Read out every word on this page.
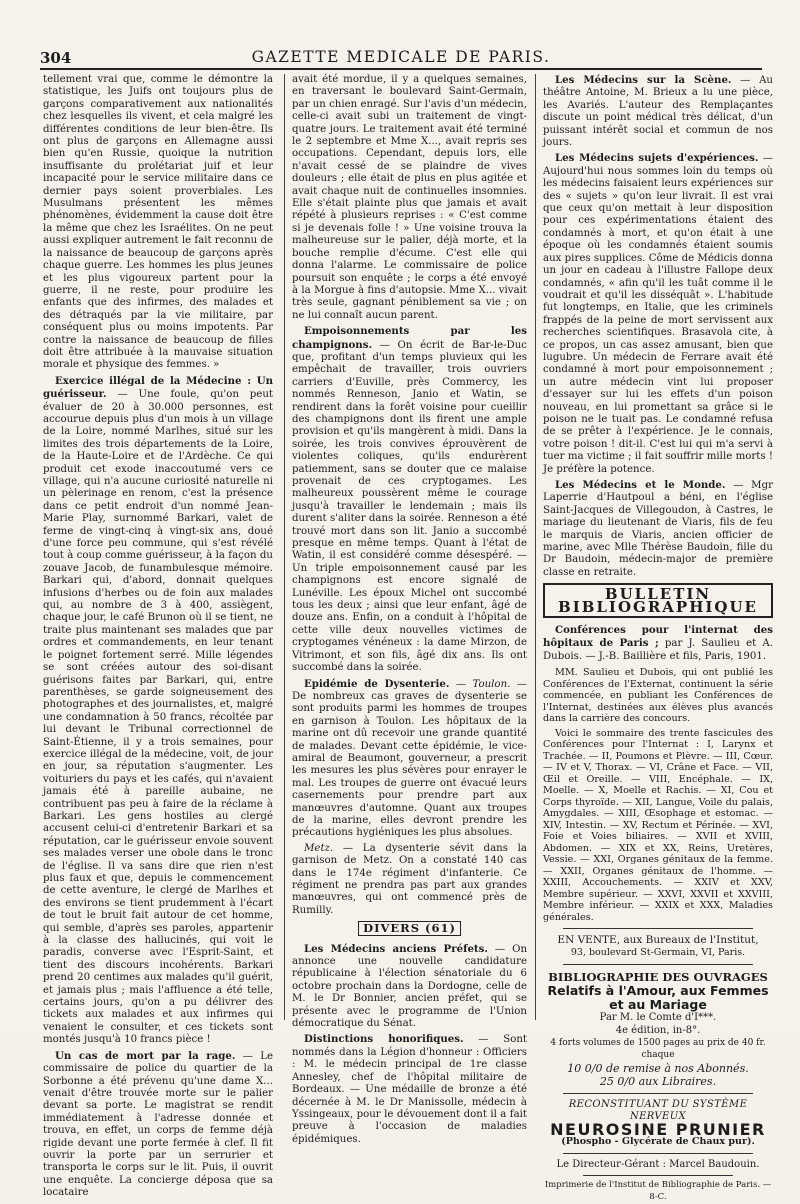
304	GAZETTE MEDICALE DE PARIS.

tellement vrai que, comme le démontre la statistique, les Juifs ont toujours plus de garçons comparativement aux nationalités chez lesquelles ils vivent, et cela malgré les différentes conditions de leur bien-être. Ils ont plus de garçons en Allemagne aussi bien qu'en Russie, quoique la nutrition insuffisante du prolétariat juif et leur incapacité pour le service militaire dans ce dernier pays soient proverbiales. Les Musulmans présentent les mêmes phénomènes, évidemment la cause doit être la même que chez les Israélites. On ne peut aussi expliquer autrement le fait reconnu de la naissance de beaucoup de garçons après chaque guerre. Les hommes les plus jeunes et les plus vigoureux partent pour la guerre, il ne reste, pour produire les enfants que des infirmes, des malades et des détraqués par la vie militaire, par conséquent plus ou moins impotents. Par contre la naissance de beaucoup de filles doit être attribuée à la mauvaise situation morale et physique des femmes. »

Exercice illégal de la Médecine : Un guérisseur. — Une foule, qu'on peut évaluer de 20 à 30.000 personnes, est accourue depuis plus d'un mois à un village de la Loire, nommé Marlhes, situé sur les limites des trois départements de la Loire, de la Haute-Loire et de l'Ardèche. Ce qui produit cet exode inaccoutumé vers ce village, qui n'a aucune curiosité naturelle ni un pèlerinage en renom, c'est la présence dans ce petit endroit d'un nommé Jean-Marie Play, surnommé Barkari, valet de ferme de vingt-cinq à vingt-six ans, doué d'une force peu commune, qui s'est révélé tout à coup comme guérisseur, à la façon du zouave Jacob, de funambulesque mémoire. Barkari qui, d'abord, donnait quelques infusions d'herbes ou de foin aux malades qui, au nombre de 3 à 400, assiègent, chaque jour, le café Brunon où il se tient, ne traite plus maintenant ses malades que par ordres et commandements, en leur tenant le poignet fortement serré. Mille légendes se sont créées autour des soi-disant guérisons faites par Barkari, qui, entre parenthèses, se garde soigneusement des photographes et des journalistes, et, malgré une condamnation à 50 francs, récoltée par lui devant le Tribunal correctionnel de Saint-Étienne, il y a trois semaines, pour exercice illégal de la médecine, voit, de jour en jour, sa réputation s'augmenter. Les voituriers du pays et les cafés, qui n'avaient jamais été à pareille aubaine, ne contribuent pas peu à faire de la réclame à Barkari. Les gens hostiles au clergé accusent celui-ci d'entretenir Barkari et sa réputation, car le guérisseur envoie souvent ses malades verser une obole dans le tronc de l'église. Il va sans dire que rien n'est plus faux et que, depuis le commencement de cette aventure, le clergé de Marlhes et des environs se tient prudemment à l'écart de tout le bruit fait autour de cet homme, qui semble, d'après ses paroles, appartenir à la classe des hallucinés, qui voit le paradis, converse avec l'Esprit-Saint, et tient des discours incohérents. Barkari prend 20 centimes aux malades qu'il guérit, et jamais plus ; mais l'affluence a été telle, certains jours, qu'on a pu délivrer des tickets aux malades et aux infirmes qui venaient le consulter, et ces tickets sont montés jusqu'à 10 francs pièce !

Un cas de mort par la rage. — Le commissaire de police du quartier de la Sorbonne a été prévenu qu'une dame X... venait d'être trouvée morte sur le palier devant sa porte. Le magistrat se rendit immédiatement à l'adresse donnée et trouva, en effet, un corps de femme déjà rigide devant une porte fermée à clef. Il fit ouvrir la porte par un serrurier et transporta le corps sur le lit. Puis, il ouvrit une enquête. La concierge déposa que sa locataire

avait été mordue, il y a quelques semaines, en traversant le boulevard Saint-Germain, par un chien enragé. Sur l'avis d'un médecin, celle-ci avait subi un traitement de vingt-quatre jours. Le traitement avait été terminé le 2 septembre et Mme X..., avait repris ses occupations. Cependant, depuis lors, elle n'avait cessé de se plaindre de vives douleurs ; elle était de plus en plus agitée et avait chaque nuit de continuelles insomnies. Elle s'était plainte plus que jamais et avait répété à plusieurs reprises : « C'est comme si je devenais folle ! » Une voisine trouva la malheureuse sur le palier, déjà morte, et la bouche remplie d'écume. C'est elle qui donna l'alarme. Le commissaire de police poursuit son enquête ; le corps a été envoyé à la Morgue à fins d'autopsie. Mme X... vivait très seule, gagnant péniblement sa vie ; on ne lui connaît aucun parent.

Empoisonnements par les champignons. — On écrit de Bar-le-Duc que, profitant d'un temps pluvieux qui les empêchait de travailler, trois ouvriers carriers d'Euville, près Commercy, les nommés Renneson, Janio et Watin, se rendirent dans la forêt voisine pour cueillir des champignons dont ils firent une ample provision et qu'ils mangèrent à midi. Dans la soirée, les trois convives éprouvèrent de violentes coliques, qu'ils endurèrent patiemment, sans se douter que ce malaise provenait de ces cryptogames. Les malheureux poussèrent même le courage jusqu'à travailler le lendemain ; mais ils durent s'aliter dans la soirée. Renneson a été trouvé mort dans son lit. Janio a succombé presque en même temps. Quant à l'état de Watin, il est considéré comme désespéré. — Un triple empoisonnement causé par les champignons est encore signalé de Lunéville. Les époux Michel ont succombé tous les deux ; ainsi que leur enfant, âgé de douze ans. Enfin, on a conduit à l'hôpital de cette ville deux nouvelles victimes de cryptogames vénéneux : la dame Mirzon, de Vitrimont, et son fils, âgé dix ans. Ils ont succombé dans la soirée.

Epidémie de Dysenterie. — Toulon. — De nombreux cas graves de dysenterie se sont produits parmi les hommes de troupes en garnison à Toulon. Les hôpitaux de la marine ont dû recevoir une grande quantité de malades. Devant cette épidémie, le vice-amiral de Beaumont, gouverneur, a prescrit les mesures les plus sévères pour enrayer le mal. Les troupes de guerre ont évacué leurs casernements pour prendre part aux manœuvres d'automne. Quant aux troupes de la marine, elles devront prendre les précautions hygiéniques les plus absolues.

Metz. — La dysenterie sévit dans la garnison de Metz. On a constaté 140 cas dans le 174e régiment d'infanterie. Ce régiment ne prendra pas part aux grandes manœuvres, qui ont commencé près de Rumilly.

DIVERS (61)

Les Médecins anciens Préfets. — On annonce une nouvelle candidature républicaine à l'élection sénatoriale du 6 octobre prochain dans la Dordogne, celle de M. le Dr Bonnier, ancien préfet, qui se présente avec le programme de l'Union démocratique du Sénat.

Distinctions honorifiques. — Sont nommés dans la Légion d'honneur : Officiers : M. le médecin principal de 1re classe Annesley, chef de l'hôpital militaire de Bordeaux. — Une médaille de bronze a été décernée à M. le Dr Manissolle, médecin à Yssingeaux, pour le dévouement dont il a fait preuve à l'occasion de maladies épidémiques.

Les Médecins sur la Scène. — Au théâtre Antoine, M. Brieux a lu une pièce, les Avariés. L'auteur des Remplaçantes discute un point médical très délicat, d'un puissant intérêt social et commun de nos jours.

Les Médecins sujets d'expériences. — Aujourd'hui nous sommes loin du temps où les médecins faisaient leurs expériences sur des « sujets » qu'on leur livrait. Il est vrai que ceux qu'on mettait à leur disposition pour ces expérimentations étaient des condamnés à mort, et qu'on était à une époque où les condamnés étaient soumis aux pires supplices. Côme de Médicis donna un jour en cadeau à l'illustre Fallope deux condamnés, « afin qu'il les tuât comme il le voudrait et qu'il les disséquât ». L'habitude fut longtemps, en Italie, que les criminels frappés de la peine de mort servissent aux recherches scientifiques. Brasavola cite, à ce propos, un cas assez amusant, bien que lugubre. Un médecin de Ferrare avait été condamné à mort pour empoisonnement ; un autre médecin vint lui proposer d'essayer sur lui les effets d'un poison nouveau, en lui promettant sa grâce si le poison ne le tuait pas. Le condamné refusa de se prêter à l'expérience. Je le connais, votre poison ! dit-il. C'est lui qui m'a servi à tuer ma victime ; il fait souffrir mille morts ! Je préfère la potence.

Les Médecins et le Monde. — Mgr Laperrie d'Hautpoul a béni, en l'église Saint-Jacques de Villegoudon, à Castres, le mariage du lieutenant de Viaris, fils de feu le marquis de Viaris, ancien officier de marine, avec Mlle Thérèse Baudoin, fille du Dr Baudoin, médecin-major de première classe en retraite.

BULLETIN BIBLIOGRAPHIQUE

Conférences pour l'internat des hôpitaux de Paris ; par J. Saulieu et A. Dubois. — J.-B. Baillière et fils, Paris, 1901.

MM. Saulieu et Dubois, qui ont publié les Conférences de l'Externat, continuent la série commencée, en publiant les Conférences de l'Internat, destinées aux élèves plus avancés dans la carrière des concours.

Voici le sommaire des trente fascicules des Conférences pour l'Internat : I, Larynx et Trachée. — II, Poumons et Plèvre. — III, Cœur. — IV et V, Thorax. — VI, Crâne et Face. — VII, Œil et Oreille. — VIII, Encéphale. — IX, Moelle. — X, Moelle et Rachis. — XI, Cou et Corps thyroïde. — XII, Langue, Voile du palais, Amygdales. — XIII, Œsophage et estomac. — XIV, Intestin. — XV, Rectum et Périnée. — XVI, Foie et Voies biliaires. — XVII et XVIII, Abdomen. — XIX et XX, Reins, Uretères, Vessie. — XXI, Organes génitaux de la femme. — XXII, Organes génitaux de l'homme. — XXIII, Accouchements. — XXIV et XXV, Membre supérieur. — XXVI, XXVII et XXVIII, Membre inférieur. — XXIX et XXX, Maladies générales.

EN VENTE, aux Bureaux de l'Institut,
93, boulevard St-Germain, VI, Paris.
BIBLIOGRAPHIE DES OUVRAGES
Relatifs à l'Amour, aux Femmes et au Mariage
Par M. le Comte d'I***.
4e édition, in-8°.
4 forts volumes de 1500 pages au prix de 40 fr. chaque
10 0/0 de remise à nos Abonnés.
25 0/0 aux Libraires.
RECONSTITUANT DU SYSTÈME NERVEUX
NEUROSINE PRUNIER
(Phospho - Glycérate de Chaux pur).
Le Directeur-Gérant : Marcel Baudouin.
Imprimerie de l'Institut de Bibliographie de Paris. — 8-C.
